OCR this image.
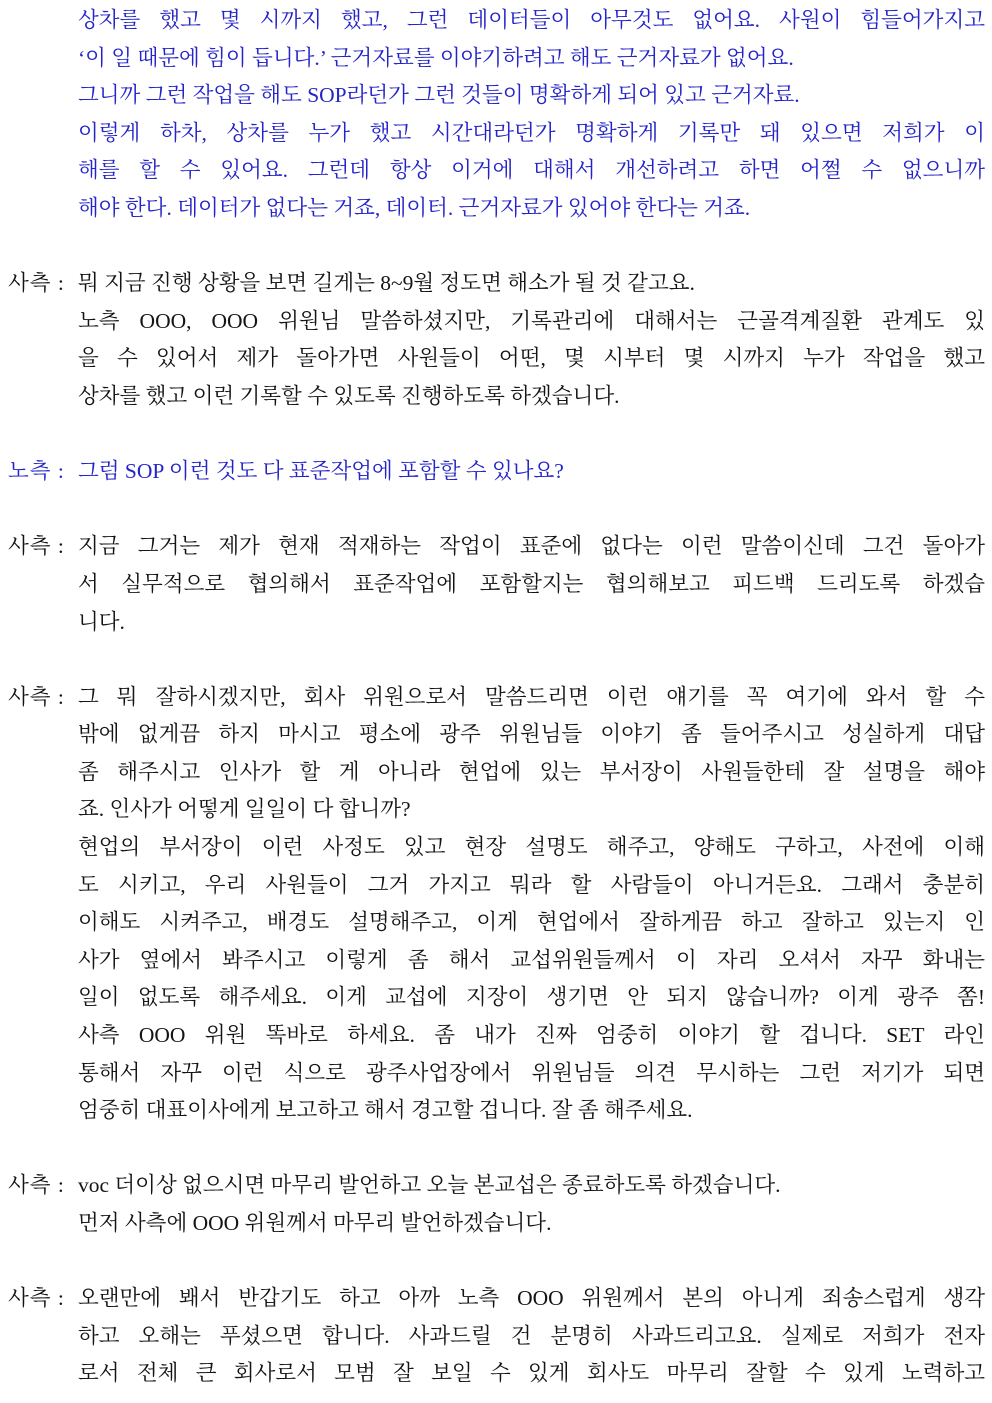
상차를 했고 몇 시까지 했고, 그런 데이터들이 아무것도 없어요. 사원이 힘들어가지고
‘이 일 때문에 힘이 듭니다.’ 근거자료를 이야기하려고 해도 근거자료가 없어요.
그니까 그런 작업을 해도 SOP라던가 그런 것들이 명확하게 되어 있고 근거자료.
이렇게 하차, 상차를 누가 했고 시간대라던가 명확하게 기록만 돼 있으면 저희가 이
해를 할 수 있어요. 그런데 항상 이거에 대해서 개선하려고 하면 어쩔 수 없으니까
해야 한다. 데이터가 없다는 거죠, 데이터. 근거자료가 있어야 한다는 거죠.
사측 : 뭐 지금 진행 상황을 보면 길게는 8~9월 정도면 해소가 될 것 같고요.
노측 OOO, OOO 위원님 말씀하셨지만, 기록관리에 대해서는 근골격계질환 관계도 있
을 수 있어서 제가 돌아가면 사원들이 어떤, 몇 시부터 몇 시까지 누가 작업을 했고
상차를 했고 이런 기록할 수 있도록 진행하도록 하겠습니다.
노측 : 그럼 SOP 이런 것도 다 표준작업에 포함할 수 있나요?
사측 : 지금 그거는 제가 현재 적재하는 작업이 표준에 없다는 이런 말씀이신데 그건 돌아가
서 실무적으로 협의해서 표준작업에 포함할지는 협의해보고 피드백 드리도록 하겠습
니다.
사측 : 그 뭐 잘하시겠지만, 회사 위원으로서 말씀드리면 이런 얘기를 꼭 여기에 와서 할 수
밖에 없게끔 하지 마시고 평소에 광주 위원님들 이야기 좀 들어주시고 성실하게 대답
좀 해주시고 인사가 할 게 아니라 현업에 있는 부서장이 사원들한테 잘 설명을 해야
죠. 인사가 어떻게 일일이 다 합니까?
현업의 부서장이 이런 사정도 있고 현장 설명도 해주고, 양해도 구하고, 사전에 이해
도 시키고, 우리 사원들이 그거 가지고 뭐라 할 사람들이 아니거든요. 그래서 충분히
이해도 시켜주고, 배경도 설명해주고, 이게 현업에서 잘하게끔 하고 잘하고 있는지 인
사가 옆에서 봐주시고 이렇게 좀 해서 교섭위원들께서 이 자리 오셔서 자꾸 화내는
일이 없도록 해주세요. 이게 교섭에 지장이 생기면 안 되지 않습니까? 이게 광주 쫌!
사측 OOO 위원 똑바로 하세요. 좀 내가 진짜 엄중히 이야기 할 겁니다. SET 라인
통해서 자꾸 이런 식으로 광주사업장에서 위원님들 의견 무시하는 그런 저기가 되면
엄중히 대표이사에게 보고하고 해서 경고할 겁니다. 잘 좀 해주세요.
사측 : voc 더이상 없으시면 마무리 발언하고 오늘 본교섭은 종료하도록 하겠습니다.
먼저 사측에 OOO 위원께서 마무리 발언하겠습니다.
사측 : 오랜만에 봬서 반갑기도 하고 아까 노측 OOO 위원께서 본의 아니게 죄송스럽게 생각
하고 오해는 푸셨으면 합니다. 사과드릴 건 분명히 사과드리고요. 실제로 저희가 전자
로서 전체 큰 회사로서 모범 잘 보일 수 있게 회사도 마무리 잘할 수 있게 노력하고
